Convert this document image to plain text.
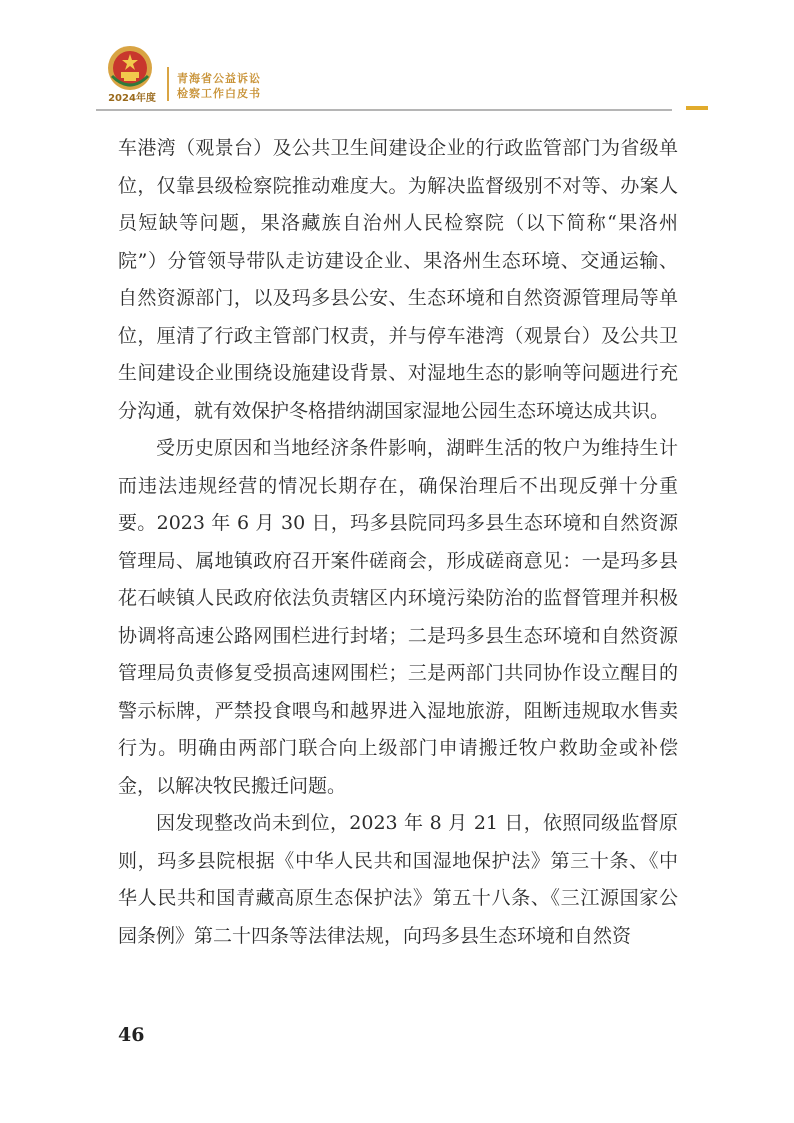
2024年度
青海省公益诉讼
检察工作白皮书

车港湾（观景台）及公共卫生间建设企业的行政监管部门为省级单位，仅靠县级检察院推动难度大。为解决监督级别不对等、办案人员短缺等问题，果洛藏族自治州人民检察院（以下简称“果洛州院”）分管领导带队走访建设企业、果洛州生态环境、交通运输、自然资源部门，以及玛多县公安、生态环境和自然资源管理局等单位，厘清了行政主管部门权责，并与停车港湾（观景台）及公共卫生间建设企业围绕设施建设背景、对湿地生态的影响等问题进行充分沟通，就有效保护冬格措纳湖国家湿地公园生态环境达成共识。

受历史原因和当地经济条件影响，湖畔生活的牧户为维持生计而违法违规经营的情况长期存在，确保治理后不出现反弹十分重要。2023 年 6 月 30 日，玛多县院同玛多县生态环境和自然资源管理局、属地镇政府召开案件磋商会，形成磋商意见：一是玛多县花石峡镇人民政府依法负责辖区内环境污染防治的监督管理并积极协调将高速公路网围栏进行封堵；二是玛多县生态环境和自然资源管理局负责修复受损高速网围栏；三是两部门共同协作设立醒目的警示标牌，严禁投食喂鸟和越界进入湿地旅游，阻断违规取水售卖行为。明确由两部门联合向上级部门申请搬迁牧户救助金或补偿金，以解决牧民搬迁问题。

因发现整改尚未到位，2023 年 8 月 21 日，依照同级监督原则，玛多县院根据《中华人民共和国湿地保护法》第三十条、《中华人民共和国青藏高原生态保护法》第五十八条、《三江源国家公园条例》第二十四条等法律法规，向玛多县生态环境和自然资

46
